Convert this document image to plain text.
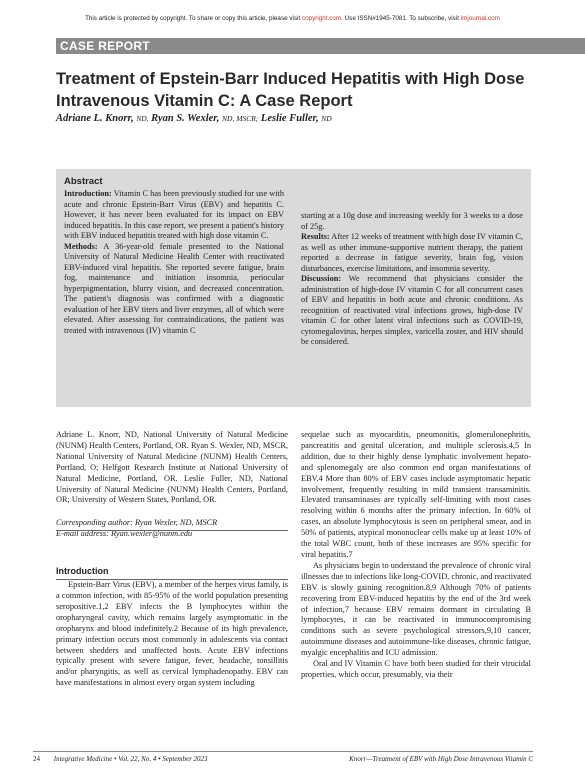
This article is protected by copyright. To share or copy this article, please visit copyright.com. Use ISSN#1945-7081. To subscribe, visit imjournal.com
CASE REPORT
Treatment of Epstein-Barr Induced Hepatitis with High Dose Intravenous Vitamin C: A Case Report
Adriane L. Knorr, ND, Ryan S. Wexler, ND, MSCR; Leslie Fuller, ND
Abstract

Introduction: Vitamin C has been previously studied for use with acute and chronic Epstein-Barr Virus (EBV) and hepatitis C. However, it has never been evaluated for its impact on EBV induced hepatitis. In this case report, we present a patient's history with EBV induced hepatitis treated with high dose vitamin C.

Methods: A 36-year-old female presented to the National University of Natural Medicine Health Center with reactivated EBV-induced viral hepatitis. She reported severe fatigue, brain fog, maintenance and initiation insomnia, periocular hyperpigmentation, blurry vision, and decreased concentration. The patient's diagnosis was confirmed with a diagnostic evaluation of her EBV titers and liver enzymes, all of which were elevated. After assessing for contraindications, the patient was treated with intravenous (IV) vitamin C

starting at a 10g dose and increasing weekly for 3 weeks to a dose of 25g.

Results: After 12 weeks of treatment with high dose IV vitamin C, as well as other immune-supportive nutrient therapy, the patient reported a decrease in fatigue severity, brain fog, vision disturbances, exercise limitations, and insomnia severity.

Discussion: We recommend that physicians consider the administration of high-dose IV vitamin C for all concurrent cases of EBV and hepatitis in both acute and chronic conditions. As recognition of reactivated viral infections grows, high-dose IV vitamin C for other latent viral infections such as COVID-19, cytomegalovirus, herpes simplex, varicella zoster, and HIV should be considered.

Adriane L. Knorr, ND, National University of Natural Medicine (NUNM) Health Centers, Portland, OR. Ryan S. Wexler, ND, MSCR, National University of Natural Medicine (NUNM) Health Centers, Portland, O; Helfgott Research Institute at National University of Natural Medicine, Portland, OR. Leslie Fuller, ND, National University of Natural Medicine (NUNM) Health Centers, Portland, OR; University of Western States, Portland, OR.

Corresponding author: Ryan Wexler, ND, MSCR

E-mail address: Ryan.wexler@nunm.edu

Introduction

Epstein-Barr Virus (EBV), a member of the herpes virus family, is a common infection, with 85-95% of the world population presenting seropositive.1,2 EBV infects the B lymphocytes within the oropharyngeal cavity, which remains largely asymptomatic in the oropharynx and blood indefinitely.2 Because of its high prevalence, primary infection occurs most commonly in adolescents via contact between shedders and unaffected hosts. Acute EBV infections typically present with severe fatigue, fever, headache, tonsillitis and/or pharyngitis, as well as cervical lymphadenopathy. EBV can have manifestations in almost every organ system including

sequelae such as myocarditis, pneumonitis, glomerulonephritis, pancreatitis and genital ulceration, and multiple sclerosis.4,5 In addition, due to their highly dense lymphatic involvement hepato- and splenomegaly are also common end organ manifestations of EBV.4 More than 80% of EBV cases include asymptomatic hepatic involvement, frequently resulting in mild transient transaminitis. Elevated transaminases are typically self-limiting with most cases resolving within 6 months after the primary infection. In 60% of cases, an absolute lymphocytosis is seen on peripheral smear, and in 50% of patients, atypical mononuclear cells make up at least 10% of the total WBC count, both of these increases are 95% specific for viral hepatitis.7

As physicians begin to understand the prevalence of chronic viral illnesses due to infections like long-COVID, chronic, and reactivated EBV is slowly gaining recognition.8,9 Although 70% of patients recovering from EBV-induced hepatitis by the end of the 3rd week of infection,7 because EBV remains dormant in circulating B lymphocytes, it can be reactivated in immunocompromising conditions such as severe psychological stressors,9,10 cancer, autoimmune diseases and autoimmune-like diseases, chronic fatigue, myalgic encephalitis and ICU admission.

Oral and IV Vitamin C have both been studied for their virucidal properties, which occur, presumably, via their

24 Integrative Medicine • Vol. 22, No. 4 • September 2023	Knorr—Treatment of EBV with High Dose Intravenous Vitamin C
